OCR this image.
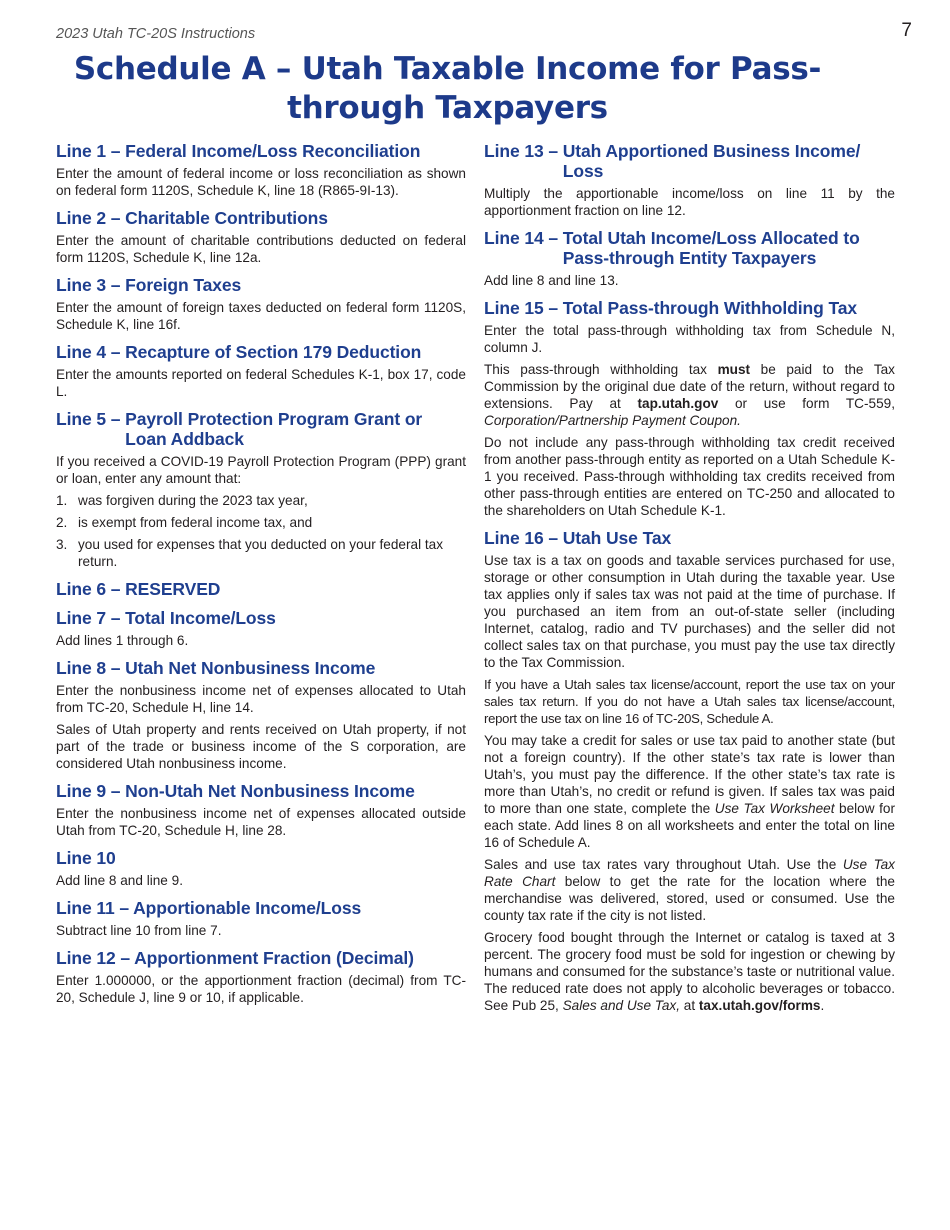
2023 Utah TC-20S Instructions	7
Schedule A – Utah Taxable Income for Pass-through Taxpayers
Line 1 – Federal Income/Loss Reconciliation

Enter the amount of federal income or loss reconciliation as shown on federal form 1120S, Schedule K, line 18 (R865-9I-13).

Line 2 – Charitable Contributions

Enter the amount of charitable contributions deducted on federal form 1120S, Schedule K, line 12a.

Line 3 – Foreign Taxes

Enter the amount of foreign taxes deducted on federal form 1120S, Schedule K, line 16f.

Line 4 – Recapture of Section 179 Deduction

Enter the amounts reported on federal Schedules K-1, box 17, code L.

Line 5 – Payroll Protection Program Grant or Loan Addback

If you received a COVID-19 Payroll Protection Program (PPP) grant or loan, enter any amount that:

1. was forgiven during the 2023 tax year,
2. is exempt from federal income tax, and
3. you used for expenses that you deducted on your federal tax return.
Line 6 – RESERVED
Line 7 – Total Income/Loss

Add lines 1 through 6.

Line 8 – Utah Net Nonbusiness Income

Enter the nonbusiness income net of expenses allocated to Utah from TC-20, Schedule H, line 14.

Sales of Utah property and rents received on Utah property, if not part of the trade or business income of the S corporation, are considered Utah nonbusiness income.

Line 9 – Non-Utah Net Nonbusiness Income

Enter the nonbusiness income net of expenses allocated outside Utah from TC-20, Schedule H, line 28.

Line 10

Add line 8 and line 9.

Line 11 – Apportionable Income/Loss

Subtract line 10 from line 7.

Line 12 – Apportionment Fraction (Decimal)

Enter 1.000000, or the apportionment fraction (decimal) from TC-20, Schedule J, line 9 or 10, if applicable.

Line 13 – Utah Apportioned Business Income/ Loss

Multiply the apportionable income/loss on line 11 by the apportionment fraction on line 12.

Line 14 – Total Utah Income/Loss Allocated to Pass-through Entity Taxpayers

Add line 8 and line 13.

Line 15 – Total Pass-through Withholding Tax

Enter the total pass-through withholding tax from Schedule N, column J.

This pass-through withholding tax must be paid to the Tax Commission by the original due date of the return, without regard to extensions. Pay at tap.utah.gov or use form TC-559, Corporation/Partnership Payment Coupon.

Do not include any pass-through withholding tax credit received from another pass-through entity as reported on a Utah Schedule K-1 you received. Pass-through withholding tax credits received from other pass-through entities are entered on TC-250 and allocated to the shareholders on Utah Schedule K-1.

Line 16 – Utah Use Tax

Use tax is a tax on goods and taxable services purchased for use, storage or other consumption in Utah during the taxable year. Use tax applies only if sales tax was not paid at the time of purchase. If you purchased an item from an out-of-state seller (including Internet, catalog, radio and TV purchases) and the seller did not collect sales tax on that purchase, you must pay the use tax directly to the Tax Commission.

If you have a Utah sales tax license/account, report the use tax on your sales tax return. If you do not have a Utah sales tax license/account, report the use tax on line 16 of TC-20S, Schedule A.

You may take a credit for sales or use tax paid to another state (but not a foreign country). If the other state’s tax rate is lower than Utah’s, you must pay the difference. If the other state’s tax rate is more than Utah’s, no credit or refund is given. If sales tax was paid to more than one state, complete the Use Tax Worksheet below for each state. Add lines 8 on all worksheets and enter the total on line 16 of Schedule A.

Sales and use tax rates vary throughout Utah. Use the Use Tax Rate Chart below to get the rate for the location where the merchandise was delivered, stored, used or consumed. Use the county tax rate if the city is not listed.

Grocery food bought through the Internet or catalog is taxed at 3 percent. The grocery food must be sold for ingestion or chewing by humans and consumed for the substance’s taste or nutritional value. The reduced rate does not apply to alcoholic beverages or tobacco. See Pub 25, Sales and Use Tax, at tax.utah.gov/forms.
